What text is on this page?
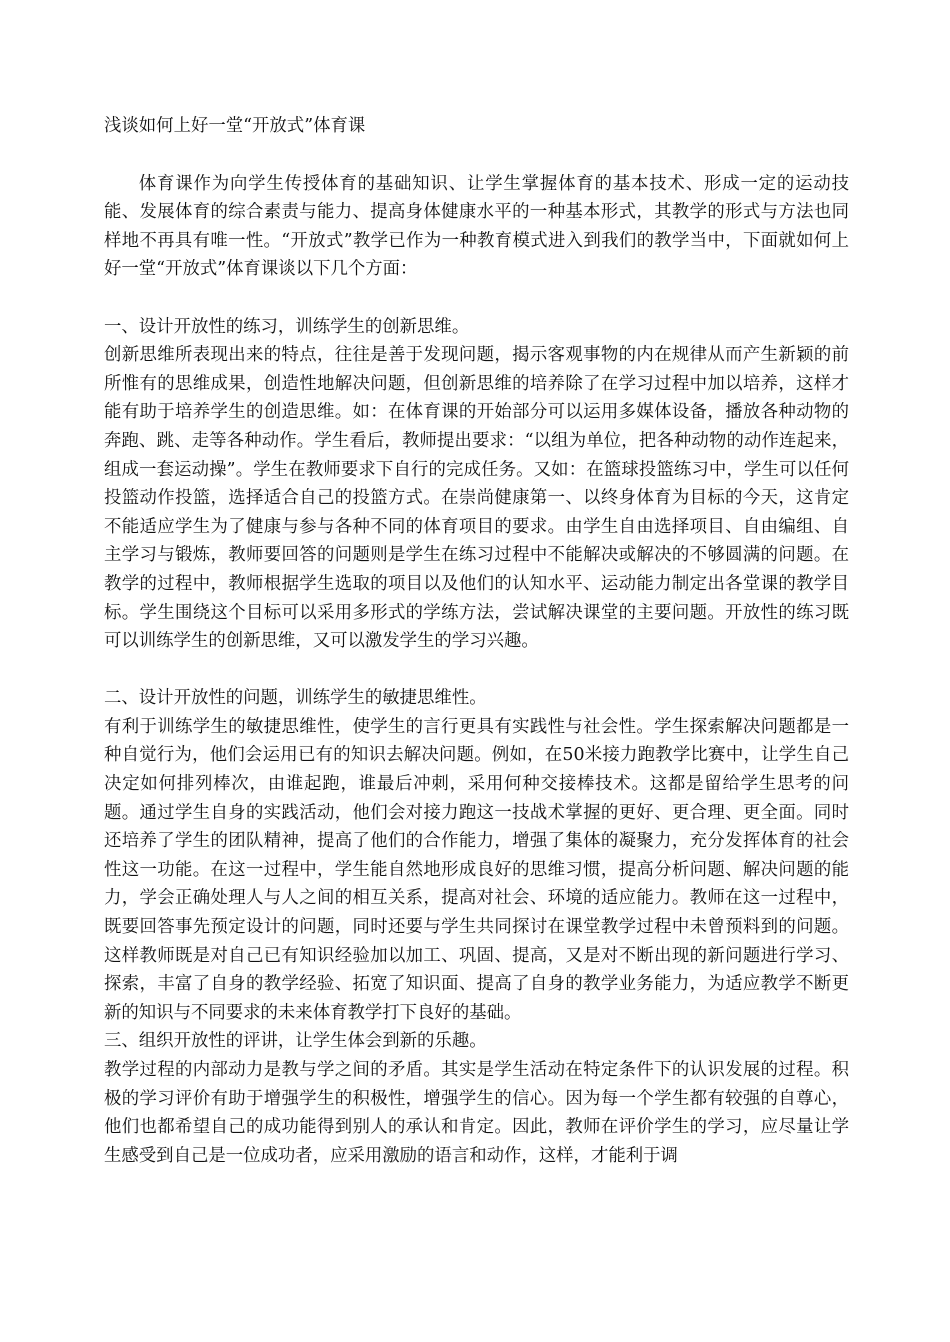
浅谈如何上好一堂“开放式”体育课

体育课作为向学生传授体育的基础知识、让学生掌握体育的基本技术、形成一定的运动技能、发展体育的综合素责与能力、提高身体健康水平的一种基本形式，其教学的形式与方法也同样地不再具有唯一性。“开放式”教学已作为一种教育模式进入到我们的教学当中，下面就如何上好一堂“开放式”体育课谈以下几个方面：

一、设计开放性的练习，训练学生的创新思维。

创新思维所表现出来的特点，往往是善于发现问题，揭示客观事物的内在规律从而产生新颖的前所惟有的思维成果，创造性地解决问题，但创新思维的培养除了在学习过程中加以培养，这样才能有助于培养学生的创造思维。如：在体育课的开始部分可以运用多媒体设备，播放各种动物的奔跑、跳、走等各种动作。学生看后，教师提出要求：“以组为单位，把各种动物的动作连起来，组成一套运动操”。学生在教师要求下自行的完成任务。又如：在篮球投篮练习中，学生可以任何投篮动作投篮，选择适合自己的投篮方式。在崇尚健康第一、以终身体育为目标的今天，这肯定不能适应学生为了健康与参与各种不同的体育项目的要求。由学生自由选择项目、自由编组、自主学习与锻炼，教师要回答的问题则是学生在练习过程中不能解决或解决的不够圆满的问题。在教学的过程中，教师根据学生选取的项目以及他们的认知水平、运动能力制定出各堂课的教学目标。学生围绕这个目标可以采用多形式的学练方法，尝试解决课堂的主要问题。开放性的练习既可以训练学生的创新思维，又可以激发学生的学习兴趣。

二、设计开放性的问题，训练学生的敏捷思维性。

有利于训练学生的敏捷思维性，使学生的言行更具有实践性与社会性。学生探索解决问题都是一种自觉行为，他们会运用已有的知识去解决问题。例如，在50米接力跑教学比赛中，让学生自己决定如何排列棒次，由谁起跑，谁最后冲刺，采用何种交接棒技术。这都是留给学生思考的问题。通过学生自身的实践活动，他们会对接力跑这一技战术掌握的更好、更合理、更全面。同时还培养了学生的团队精神，提高了他们的合作能力，增强了集体的凝聚力，充分发挥体育的社会性这一功能。在这一过程中，学生能自然地形成良好的思维习惯，提高分析问题、解决问题的能力，学会正确处理人与人之间的相互关系，提高对社会、环境的适应能力。教师在这一过程中，既要回答事先预定设计的问题，同时还要与学生共同探讨在课堂教学过程中未曾预料到的问题。这样教师既是对自己已有知识经验加以加工、巩固、提高，又是对不断出现的新问题进行学习、探索，丰富了自身的教学经验、拓宽了知识面、提高了自身的教学业务能力，为适应教学不断更新的知识与不同要求的未来体育教学打下良好的基础。

三、组织开放性的评讲，让学生体会到新的乐趣。

教学过程的内部动力是教与学之间的矛盾。其实是学生活动在特定条件下的认识发展的过程。积极的学习评价有助于增强学生的积极性，增强学生的信心。因为每一个学生都有较强的自尊心，他们也都希望自己的成功能得到别人的承认和肯定。因此，教师在评价学生的学习，应尽量让学生感受到自己是一位成功者，应采用激励的语言和动作，这样，才能利于调
